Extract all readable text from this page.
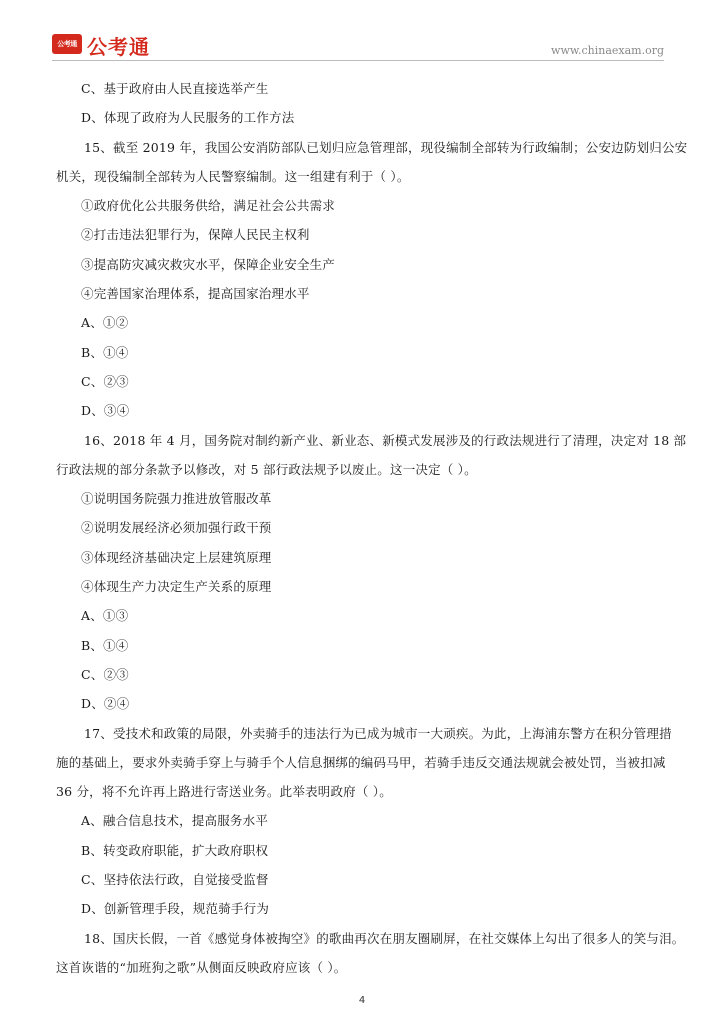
公考通 公考通	www.chinaexam.org

C、基于政府由人民直接选举产生

D、体现了政府为人民服务的工作方法

15、截至 2019 年，我国公安消防部队已划归应急管理部，现役编制全部转为行政编制；公安边防划归公安

机关，现役编制全部转为人民警察编制。这一组建有利于（ ）。

①政府优化公共服务供给，满足社会公共需求

②打击违法犯罪行为，保障人民民主权利

③提高防灾减灾救灾水平，保障企业安全生产

④完善国家治理体系，提高国家治理水平

A、①②

B、①④

C、②③

D、③④

16、2018 年 4 月，国务院对制约新产业、新业态、新模式发展涉及的行政法规进行了清理，决定对 18 部

行政法规的部分条款予以修改，对 5 部行政法规予以废止。这一决定（ ）。

①说明国务院强力推进放管服改革

②说明发展经济必须加强行政干预

③体现经济基础决定上层建筑原理

④体现生产力决定生产关系的原理

A、①③

B、①④

C、②③

D、②④

17、受技术和政策的局限，外卖骑手的违法行为已成为城市一大顽疾。为此，上海浦东警方在积分管理措

施的基础上，要求外卖骑手穿上与骑手个人信息捆绑的编码马甲，若骑手违反交通法规就会被处罚，当被扣减

36 分，将不允许再上路进行寄送业务。此举表明政府（ ）。

A、融合信息技术，提高服务水平

B、转变政府职能，扩大政府职权

C、坚持依法行政，自觉接受监督

D、创新管理手段，规范骑手行为

18、国庆长假，一首《感觉身体被掏空》的歌曲再次在朋友圈刷屏，在社交媒体上勾出了很多人的笑与泪。

这首诙谐的“加班狗之歌”从侧面反映政府应该（ ）。

4
